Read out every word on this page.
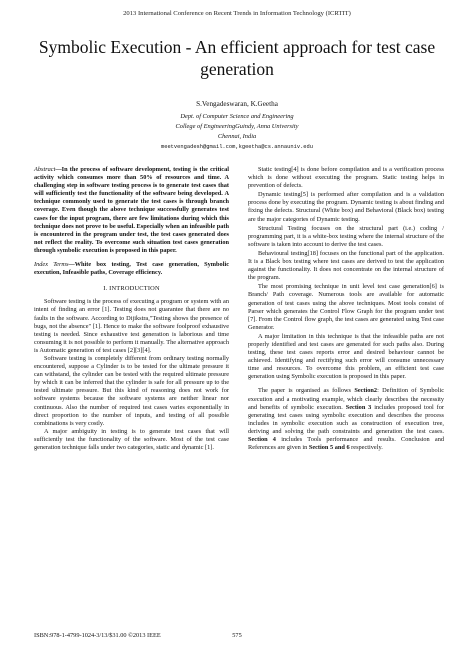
2013 International Conference on Recent Trends in Information Technology (ICRTIT)
Symbolic Execution - An efficient approach for test case generation
S.Vengadeswaran, K.Geetha
Dept. of Computer Science and Engineering
College of EngineeringGuindy, Anna University
Chennai, India
meetvengadesh@gmail.com,kgeetha@cs.annauniv.edu

Abstract—In the process of software development, testing is the critical activity which consumes more than 50% of resources and time. A challenging step in software testing process is to generate test cases that will sufficiently test the functionality of the software being developed. A technique commonly used to generate the test cases is through branch coverage. Even though the above technique successfully generates test cases for the input program, there are few limitations during which this technique does not prove to be useful. Especially when an infeasible path is encountered in the program under test, the test cases generated does not reflect the reality. To overcome such situation test cases generation through symbolic execution is proposed in this paper.

Index Terms—White box testing, Test case generation, Symbolic execution, Infeasible paths, Coverage efficiency.

I. INTRODUCTION

Software testing is the process of executing a program or system with an intent of finding an error [1]. Testing does not guarantee that there are no faults in the software. According to Dijikstra,"Testing shows the presence of bugs, not the absence" [1]. Hence to make the software foolproof exhaustive testing is needed. Since exhaustive test generation is laborious and time consuming it is not possible to perform it manually. The alternative approach is Automatic generation of test cases [2][3][4].

Software testing is completely different from ordinary testing normally encountered, suppose a Cylinder is to be tested for the ultimate pressure it can withstand, the cylinder can be tested with the required ultimate pressure by which it can be inferred that the cylinder is safe for all pressure up to the tested ultimate pressure. But this kind of reasoning does not work for software systems because the software systems are neither linear nor continuous. Also the number of required test cases varies exponentially in direct proportion to the number of inputs, and testing of all possible combinations is very costly.

A major ambiguity in testing is to generate test cases that will sufficiently test the functionality of the software. Most of the test case generation technique falls under two categories, static and dynamic [1].

Static testing[4] is done before compilation and is a verification process which is done without executing the program. Static testing helps in prevention of defects.

Dynamic testing[5] is performed after compilation and is a validation process done by executing the program. Dynamic testing is about finding and fixing the defects. Structural (White box) and Behavioral (Black box) testing are the major categories of Dynamic testing.

Structural Testing focuses on the structural part (i.e.) coding / programming part, it is a white-box testing where the internal structure of the software is taken into account to derive the test cases.

Behavioural testing[18] focuses on the functional part of the application. It is a Black box testing where test cases are derived to test the application against the functionality. It does not concentrate on the internal structure of the program.

The most promising technique in unit level test case generation[6] is Branch/ Path coverage. Numerous tools are available for automatic generation of test cases using the above techniques. Most tools consist of Parser which generates the Control Flow Graph for the program under test [7]. From the Control flow graph, the test cases are generated using Test case Generator.

A major limitation in this technique is that the infeasible paths are not properly identified and test cases are generated for such paths also. During testing, these test cases reports error and desired behaviour cannot be achieved. Identifying and rectifying such error will consume unnecessary time and resources. To overcome this problem, an efficient test case generation using Symbolic execution is proposed in this paper.

The paper is organised as follows Section2: Definition of Symbolic execution and a motivating example, which clearly describes the necessity and benefits of symbolic execution. Section 3 includes proposed tool for generating test cases using symbolic execution and describes the process includes in symbolic execution such as construction of execution tree, deriving and solving the path constraints and generation the test cases. Section 4 includes Tools performance and results. Conclusion and References are given in Section 5 and 6 respectively.

ISBN:978-1-4799-1024-3/13/$31.00 ©2013 IEEE	575
